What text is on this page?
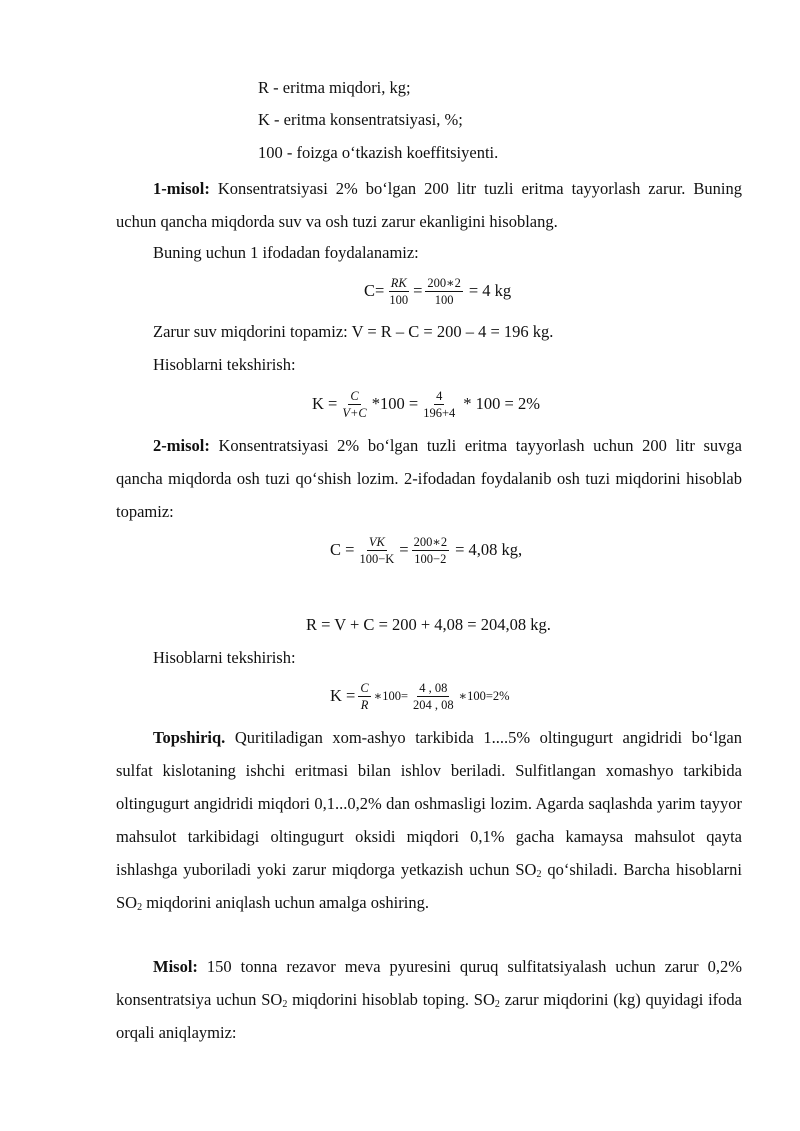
R - eritma miqdori, kg;
K - eritma konsentratsiyasi, %;
100 - foizga o‘tkazish koeffitsiyenti.

1-misol: Konsentratsiyasi 2% bo‘lgan 200 litr tuzli eritma tayyorlash zarur. Buning uchun qancha miqdorda suv va osh tuzi zarur ekanligini hisoblang.

Buning uchun 1 ifodadan foydalanamiz:
$C= \frac{RK}{100} = \frac{200∗2}{100} = 4$ kg
Zarur suv miqdorini topamiz: V = R – C = 200 – 4 = 196 kg.
Hisoblarni tekshirish:
$K = \frac{C}{V+C} *100 = \frac{4}{196+4} * 100 = 2\%$

2-misol: Konsentratsiyasi 2% bo‘lgan tuzli eritma tayyorlash uchun 200 litr suvga qancha miqdorda osh tuzi qo‘shish lozim. 2-ifodadan foydalanib osh tuzi miqdorini hisoblab topamiz:

$C = \frac{VK}{100-K} = \frac{200∗2}{100-2} = 4,08$ kg,
R = V + C = 200 + 4,08 = 204,08 kg.
Hisoblarni tekshirish:
$K = \frac{C}{R}$ ∗100= $\frac{4 , 08}{204 , 08}$ ∗100=2%

Topshiriq. Quritiladigan xom-ashyo tarkibida 1....5% oltingugurt angidridi bo‘lgan sulfat kislotaning ishchi eritmasi bilan ishlov beriladi. Sulfitlangan xomashyo tarkibida oltingugurt angidridi miqdori 0,1...0,2% dan oshmasligi lozim. Agarda saqlashda yarim tayyor mahsulot tarkibidagi oltingugurt oksidi miqdori 0,1% gacha kamaysa mahsulot qayta ishlashga yuboriladi yoki zarur miqdorga yetkazish uchun $SO_2$ qo‘shiladi. Barcha hisoblarni $SO_2$ miqdorini aniqlash uchun amalga oshiring.

Misol: 150 tonna rezavor meva pyuresini quruq sulfitatsiyalash uchun zarur 0,2% konsentratsiya uchun $SO_2$ miqdorini hisoblab toping. $SO_2$ zarur miqdorini (kg) quyidagi ifoda orqali aniqlaymiz:
